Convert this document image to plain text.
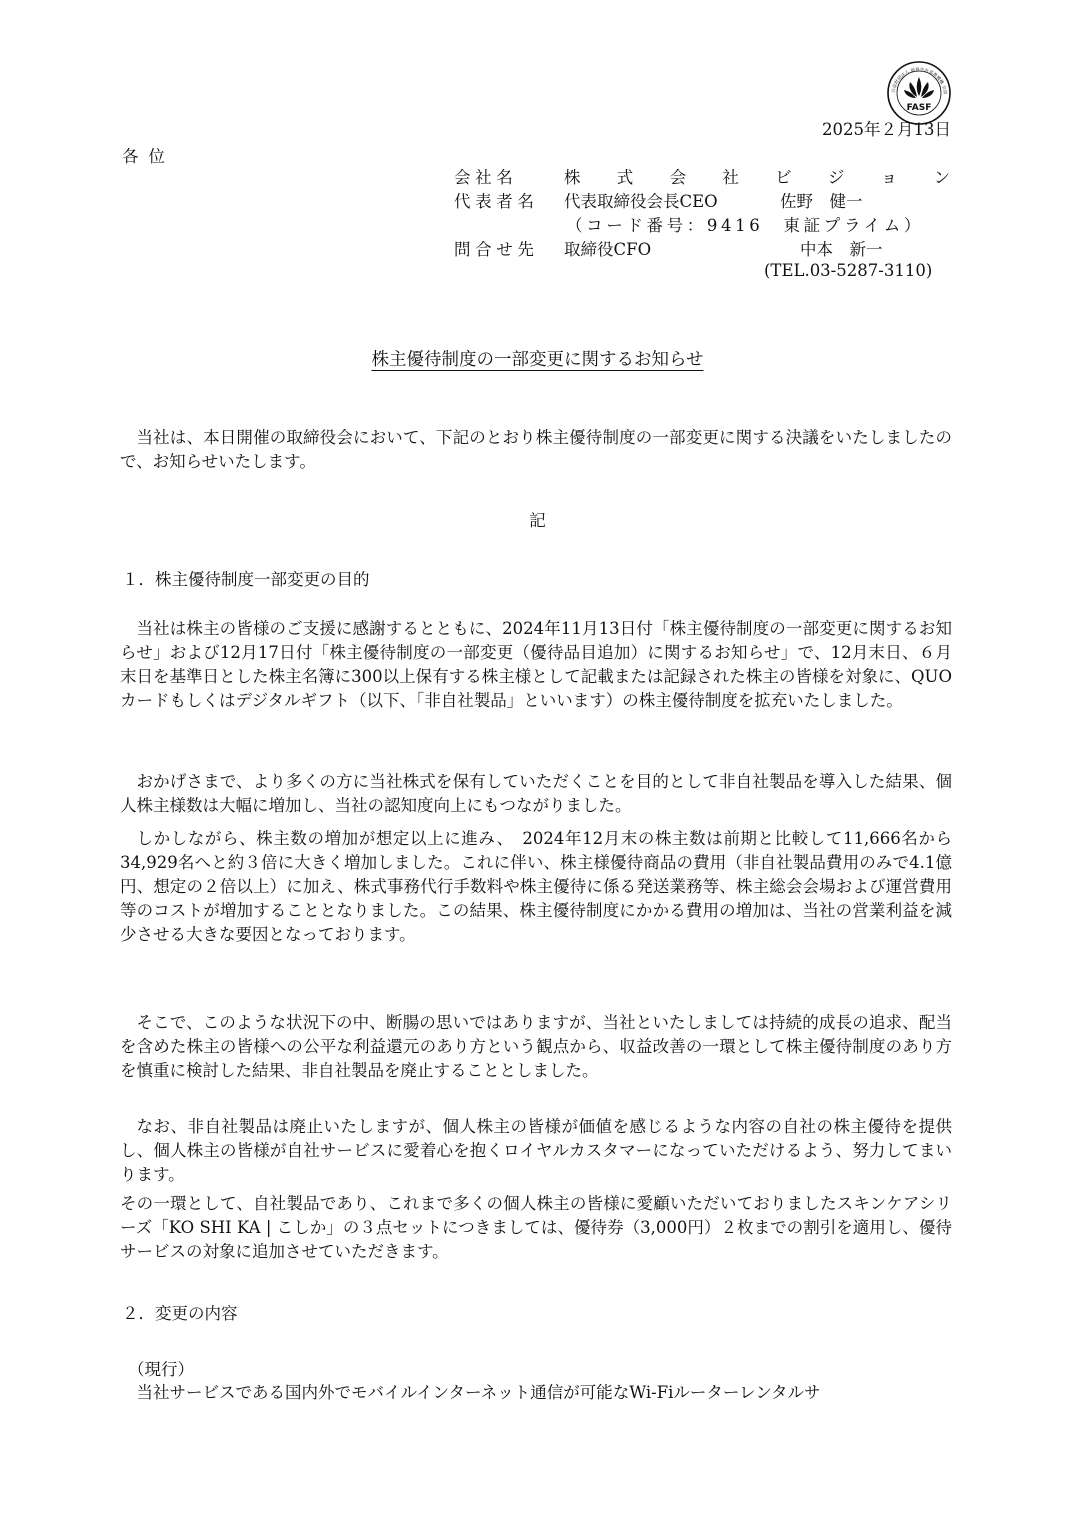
公益財団法人 財務会計基準機構 会員
FASF
2025年２月13日
各位
会社名	株 式 会 社 ビ ジ ョ ン
代表者名	代表取締役会長CEO	佐野　健一
（コード番号：9416　東証プライム）
問合せ先	取締役CFO	中本　新一
(TEL.03-5287-3110)
株主優待制度の一部変更に関するお知らせ

当社は、本日開催の取締役会において、下記のとおり株主優待制度の一部変更に関する決議をいたしましたので、お知らせいたします。

記
１．株主優待制度一部変更の目的

当社は株主の皆様のご支援に感謝するとともに、2024年11月13日付「株主優待制度の一部変更に関するお知らせ」および12月17日付「株主優待制度の一部変更（優待品目追加）に関するお知らせ」で、12月末日、６月末日を基準日とした株主名簿に300以上保有する株主様として記載または記録された株主の皆様を対象に、QUOカードもしくはデジタルギフト（以下、「非自社製品」といいます）の株主優待制度を拡充いたしました。

おかげさまで、より多くの方に当社株式を保有していただくことを目的として非自社製品を導入した結果、個人株主様数は大幅に増加し、当社の認知度向上にもつながりました。

しかしながら、株主数の増加が想定以上に進み、　2024年12月末の株主数は前期と比較して11,666名から34,929名へと約３倍に大きく増加しました。これに伴い、株主様優待商品の費用（非自社製品費用のみで4.1億円、想定の２倍以上）に加え、株式事務代行手数料や株主優待に係る発送業務等、株主総会会場および運営費用等のコストが増加することとなりました。この結果、株主優待制度にかかる費用の増加は、当社の営業利益を減少させる大きな要因となっております。

そこで、このような状況下の中、断腸の思いではありますが、当社といたしましては持続的成長の追求、配当を含めた株主の皆様への公平な利益還元のあり方という観点から、収益改善の一環として株主優待制度のあり方を慎重に検討した結果、非自社製品を廃止することとしました。

なお、非自社製品は廃止いたしますが、個人株主の皆様が価値を感じるような内容の自社の株主優待を提供し、個人株主の皆様が自社サービスに愛着心を抱くロイヤルカスタマーになっていただけるよう、努力してまいります。

その一環として、自社製品であり、これまで多くの個人株主の皆様に愛顧いただいておりましたスキンケアシリーズ「KO SHI KA | こしか」の３点セットにつきましては、優待券（3,000円）２枚までの割引を適用し、優待サービスの対象に追加させていただきます。

２．変更の内容
（現行）

当社サービスである国内外でモバイルインターネット通信が可能なWi-Fiルーターレンタルサ
